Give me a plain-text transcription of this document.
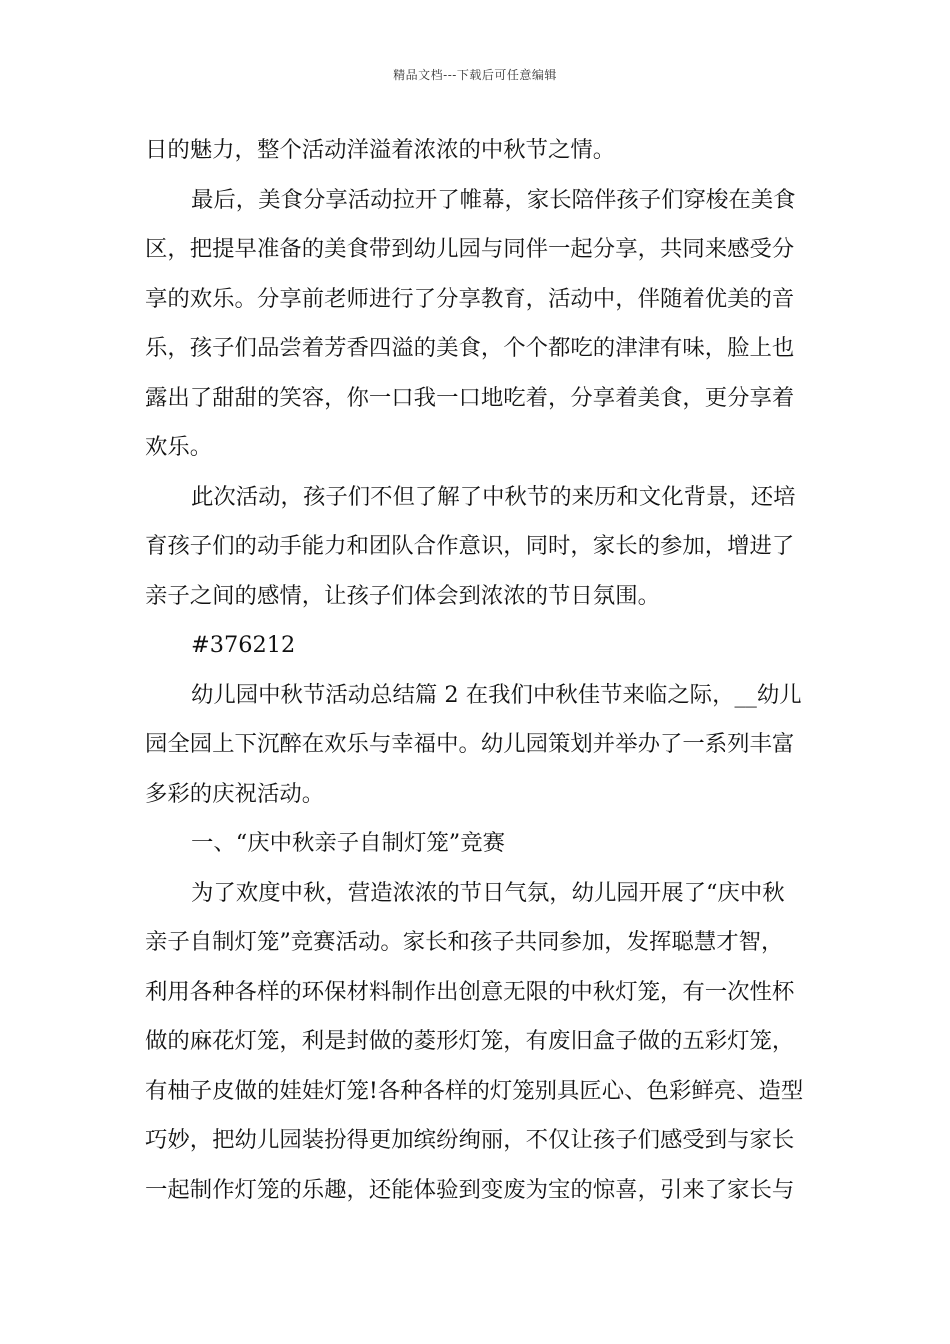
精品文档---下载后可任意编辑
日的魅力，整个活动洋溢着浓浓的中秋节之情。
最后，美食分享活动拉开了帷幕，家长陪伴孩子们穿梭在美食
区，把提早准备的美食带到幼儿园与同伴一起分享，共同来感受分
享的欢乐。分享前老师进行了分享教育，活动中，伴随着优美的音
乐，孩子们品尝着芳香四溢的美食，个个都吃的津津有味，脸上也
露出了甜甜的笑容，你一口我一口地吃着，分享着美食，更分享着
欢乐。
此次活动，孩子们不但了解了中秋节的来历和文化背景，还培
育孩子们的动手能力和团队合作意识，同时，家长的参加，增进了
亲子之间的感情，让孩子们体会到浓浓的节日氛围。
#376212
幼儿园中秋节活动总结篇 2 在我们中秋佳节来临之际，__幼儿
园全园上下沉醉在欢乐与幸福中。幼儿园策划并举办了一系列丰富
多彩的庆祝活动。
一、“庆中秋亲子自制灯笼”竞赛
为了欢度中秋，营造浓浓的节日气氛，幼儿园开展了“庆中秋
亲子自制灯笼”竞赛活动。家长和孩子共同参加，发挥聪慧才智，
利用各种各样的环保材料制作出创意无限的中秋灯笼，有一次性杯
做的麻花灯笼，利是封做的菱形灯笼，有废旧盒子做的五彩灯笼，
有柚子皮做的娃娃灯笼!各种各样的灯笼别具匠心、色彩鲜亮、造型
巧妙，把幼儿园装扮得更加缤纷绚丽，不仅让孩子们感受到与家长
一起制作灯笼的乐趣，还能体验到变废为宝的惊喜，引来了家长与
